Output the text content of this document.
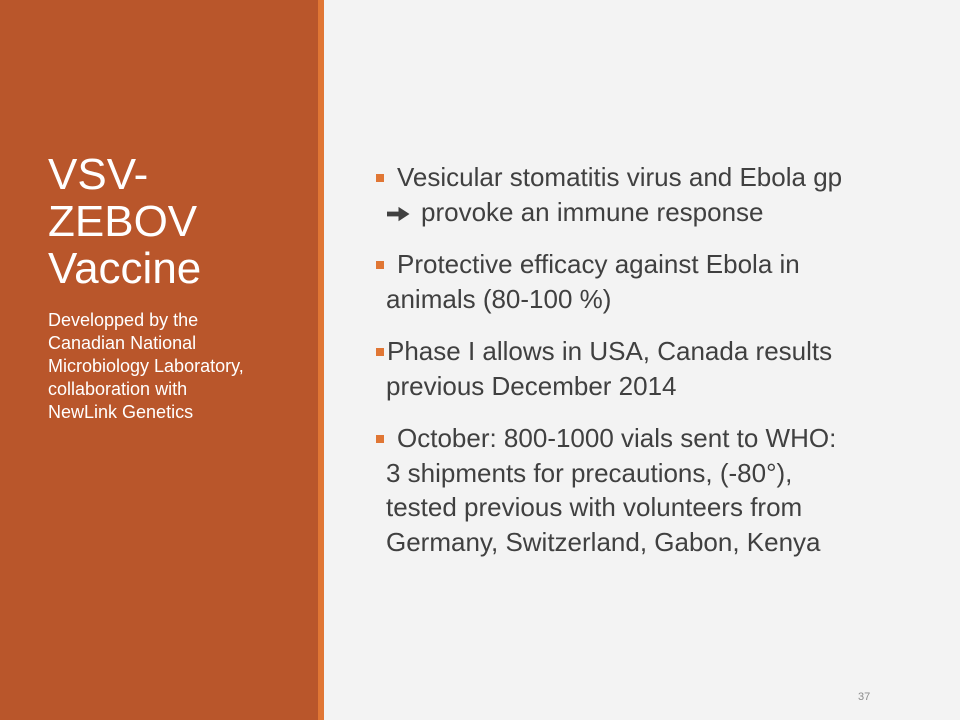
VSV-ZEBOV Vaccine

Developped by the Canadian National Microbiology Laboratory, collaboration with NewLink Genetics

Vesicular stomatitis virus and Ebola gp
provoke an immune response
Protective efficacy against Ebola in
animals (80-100 %)
Phase I allows in USA, Canada results
previous December 2014
October: 800-1000 vials sent to WHO:
3 shipments for precautions, (-80°),
tested previous with volunteers from
Germany, Switzerland, Gabon, Kenya
37
